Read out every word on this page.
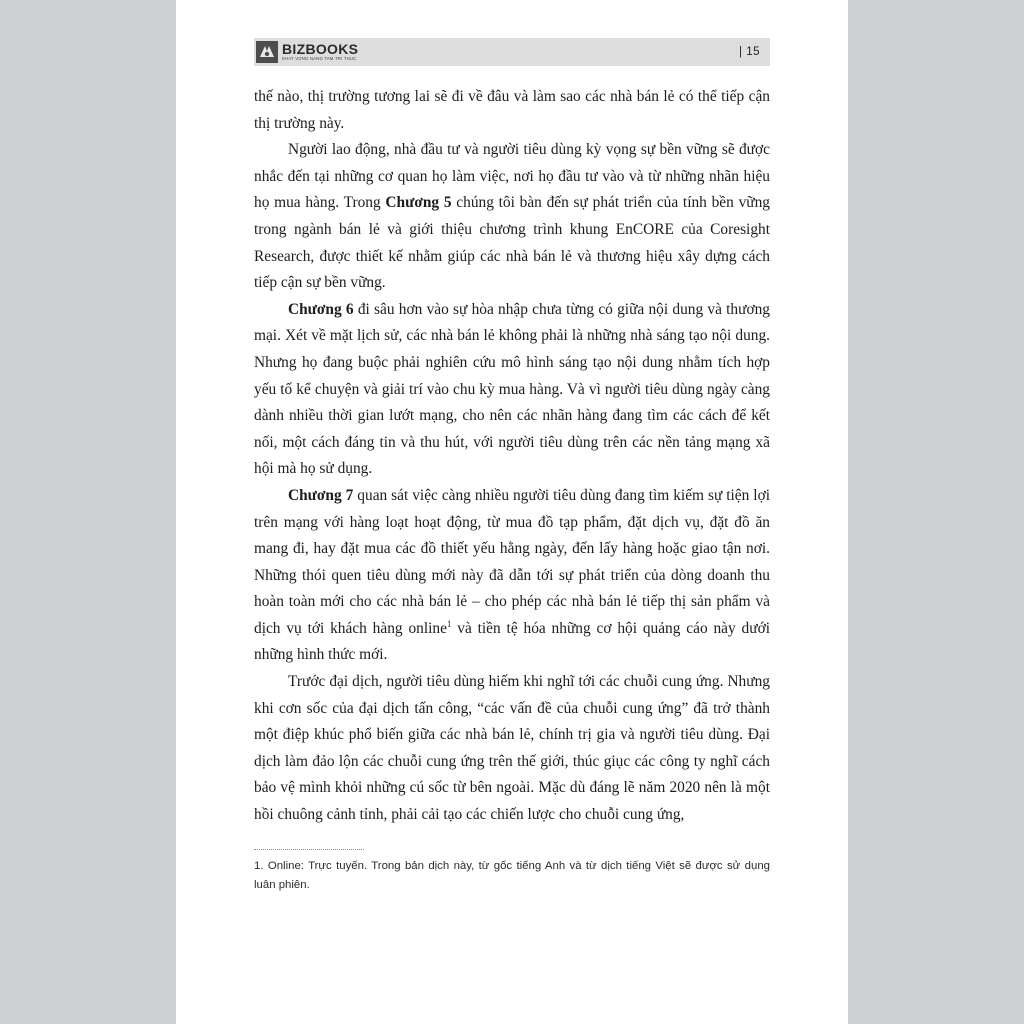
BIZBOOKS
KHAT VONG NANG TAM TRI THUC
| 15

thế nào, thị trường tương lai sẽ đi về đâu và làm sao các nhà bán lẻ có thể tiếp cận thị trường này.

Người lao động, nhà đầu tư và người tiêu dùng kỳ vọng sự bền vững sẽ được nhắc đến tại những cơ quan họ làm việc, nơi họ đầu tư vào và từ những nhãn hiệu họ mua hàng. Trong Chương 5 chúng tôi bàn đến sự phát triển của tính bền vững trong ngành bán lẻ và giới thiệu chương trình khung EnCORE của Coresight Research, được thiết kế nhằm giúp các nhà bán lẻ và thương hiệu xây dựng cách tiếp cận sự bền vững.

Chương 6 đi sâu hơn vào sự hòa nhập chưa từng có giữa nội dung và thương mại. Xét về mặt lịch sử, các nhà bán lẻ không phải là những nhà sáng tạo nội dung. Nhưng họ đang buộc phải nghiên cứu mô hình sáng tạo nội dung nhằm tích hợp yếu tố kể chuyện và giải trí vào chu kỳ mua hàng. Và vì người tiêu dùng ngày càng dành nhiều thời gian lướt mạng, cho nên các nhãn hàng đang tìm các cách để kết nối, một cách đáng tin và thu hút, với người tiêu dùng trên các nền tảng mạng xã hội mà họ sử dụng.

Chương 7 quan sát việc càng nhiều người tiêu dùng đang tìm kiếm sự tiện lợi trên mạng với hàng loạt hoạt động, từ mua đồ tạp phẩm, đặt dịch vụ, đặt đồ ăn mang đi, hay đặt mua các đồ thiết yếu hằng ngày, đến lấy hàng hoặc giao tận nơi. Những thói quen tiêu dùng mới này đã dẫn tới sự phát triển của dòng doanh thu hoàn toàn mới cho các nhà bán lẻ – cho phép các nhà bán lẻ tiếp thị sản phẩm và dịch vụ tới khách hàng online$^1$ và tiền tệ hóa những cơ hội quảng cáo này dưới những hình thức mới.

Trước đại dịch, người tiêu dùng hiếm khi nghĩ tới các chuỗi cung ứng. Nhưng khi cơn sốc của đại dịch tấn công, “các vấn đề của chuỗi cung ứng” đã trở thành một điệp khúc phổ biến giữa các nhà bán lẻ, chính trị gia và người tiêu dùng. Đại dịch làm đảo lộn các chuỗi cung ứng trên thế giới, thúc giục các công ty nghĩ cách bảo vệ mình khỏi những cú sốc từ bên ngoài. Mặc dù đáng lẽ năm 2020 nên là một hồi chuông cảnh tỉnh, phải cải tạo các chiến lược cho chuỗi cung ứng,

1. Online: Trực tuyến. Trong bản dịch này, từ gốc tiếng Anh và từ dịch tiếng Việt sẽ được sử dụng luân phiên.
